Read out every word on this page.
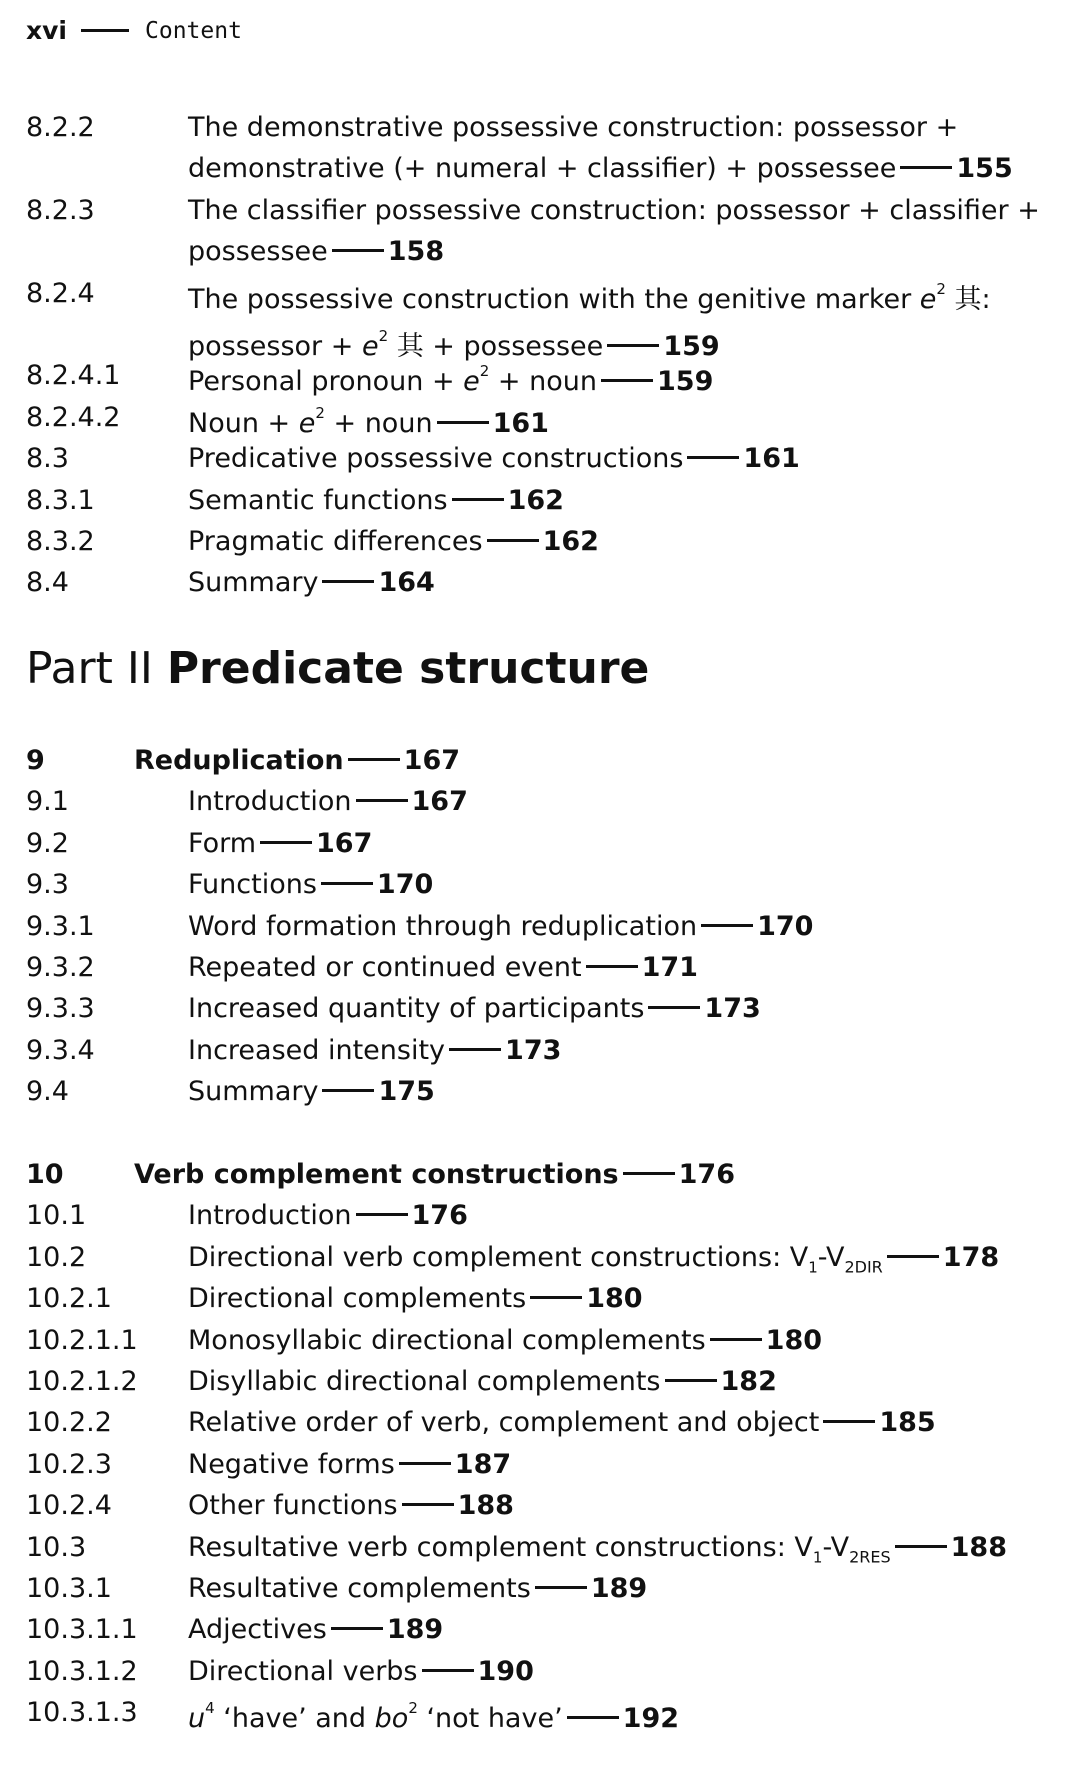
xvi	Content
8.2.2	The demonstrative possessive construction: possessor +
demonstrative (+ numeral + classifier) + possessee 155
8.2.3	The classifier possessive construction: possessor + classifier +
possessee 158
8.2.4	The possessive construction with the genitive marker $e^2$ 其:
possessor + $e^2$ 其 + possessee 159
8.2.4.1	Personal pronoun + $e^2$ + noun 159
8.2.4.2	Noun + $e^2$ + noun 161
8.3	Predicative possessive constructions 161
8.3.1	Semantic functions 162
8.3.2	Pragmatic differences 162
8.4	Summary 164
Part II Predicate structure
9	Reduplication 167
9.1	Introduction 167
9.2	Form 167
9.3	Functions 170
9.3.1	Word formation through reduplication 170
9.3.2	Repeated or continued event 171
9.3.3	Increased quantity of participants 173
9.3.4	Increased intensity 173
9.4	Summary 175
10	Verb complement constructions 176
10.1	Introduction 176
10.2	Directional verb complement constructions: $V_1-V_{2DIR}$ 178
10.2.1	Directional complements 180
10.2.1.1 Monosyllabic directional complements 180
10.2.1.2 Disyllabic directional complements 182
10.2.2	Relative order of verb, complement and object 185
10.2.3	Negative forms 187
10.2.4	Other functions 188
10.3	Resultative verb complement constructions: $V_1-V_{2RES}$ 188
10.3.1	Resultative complements 189
10.3.1.1 Adjectives 189
10.3.1.2 Directional verbs 190
10.3.1.3 $u^4$ ‘have’ and $bo^2$ ‘not have’ 192
